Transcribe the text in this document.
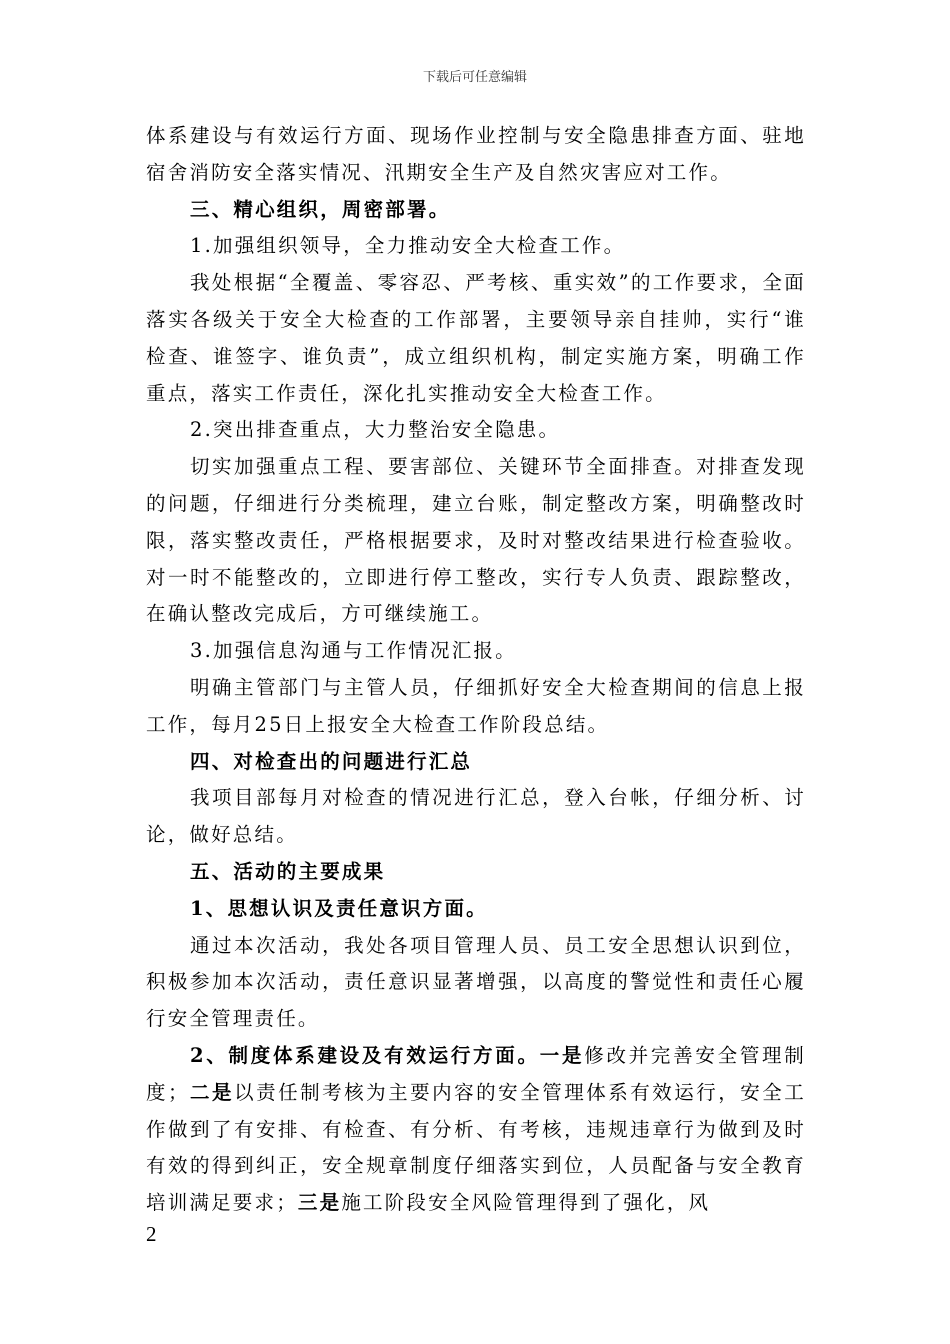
下载后可任意编辑

体系建设与有效运行方面、现场作业控制与安全隐患排查方面、驻地宿舍消防安全落实情况、汛期安全生产及自然灾害应对工作。

三、精心组织，周密部署。

1.加强组织领导，全力推动安全大检查工作。

我处根据“全覆盖、零容忍、严考核、重实效”的工作要求，全面落实各级关于安全大检查的工作部署，主要领导亲自挂帅，实行“谁检查、谁签字、谁负责”，成立组织机构，制定实施方案，明确工作重点，落实工作责任，深化扎实推动安全大检查工作。

2.突出排查重点，大力整治安全隐患。

切实加强重点工程、要害部位、关键环节全面排查。对排查发现的问题，仔细进行分类梳理，建立台账，制定整改方案，明确整改时限，落实整改责任，严格根据要求，及时对整改结果进行检查验收。对一时不能整改的，立即进行停工整改，实行专人负责、跟踪整改，在确认整改完成后，方可继续施工。

3.加强信息沟通与工作情况汇报。

明确主管部门与主管人员，仔细抓好安全大检查期间的信息上报工作，每月25日上报安全大检查工作阶段总结。

四、对检查出的问题进行汇总

我项目部每月对检查的情况进行汇总，登入台帐，仔细分析、讨论，做好总结。

五、活动的主要成果

1、思想认识及责任意识方面。

通过本次活动，我处各项目管理人员、员工安全思想认识到位，积极参加本次活动，责任意识显著增强，以高度的警觉性和责任心履行安全管理责任。

2、制度体系建设及有效运行方面。一是修改并完善安全管理制度；二是以责任制考核为主要内容的安全管理体系有效运行，安全工作做到了有安排、有检查、有分析、有考核，违规违章行为做到及时有效的得到纠正，安全规章制度仔细落实到位，人员配备与安全教育培训满足要求；三是施工阶段安全风险管理得到了强化，风

2
